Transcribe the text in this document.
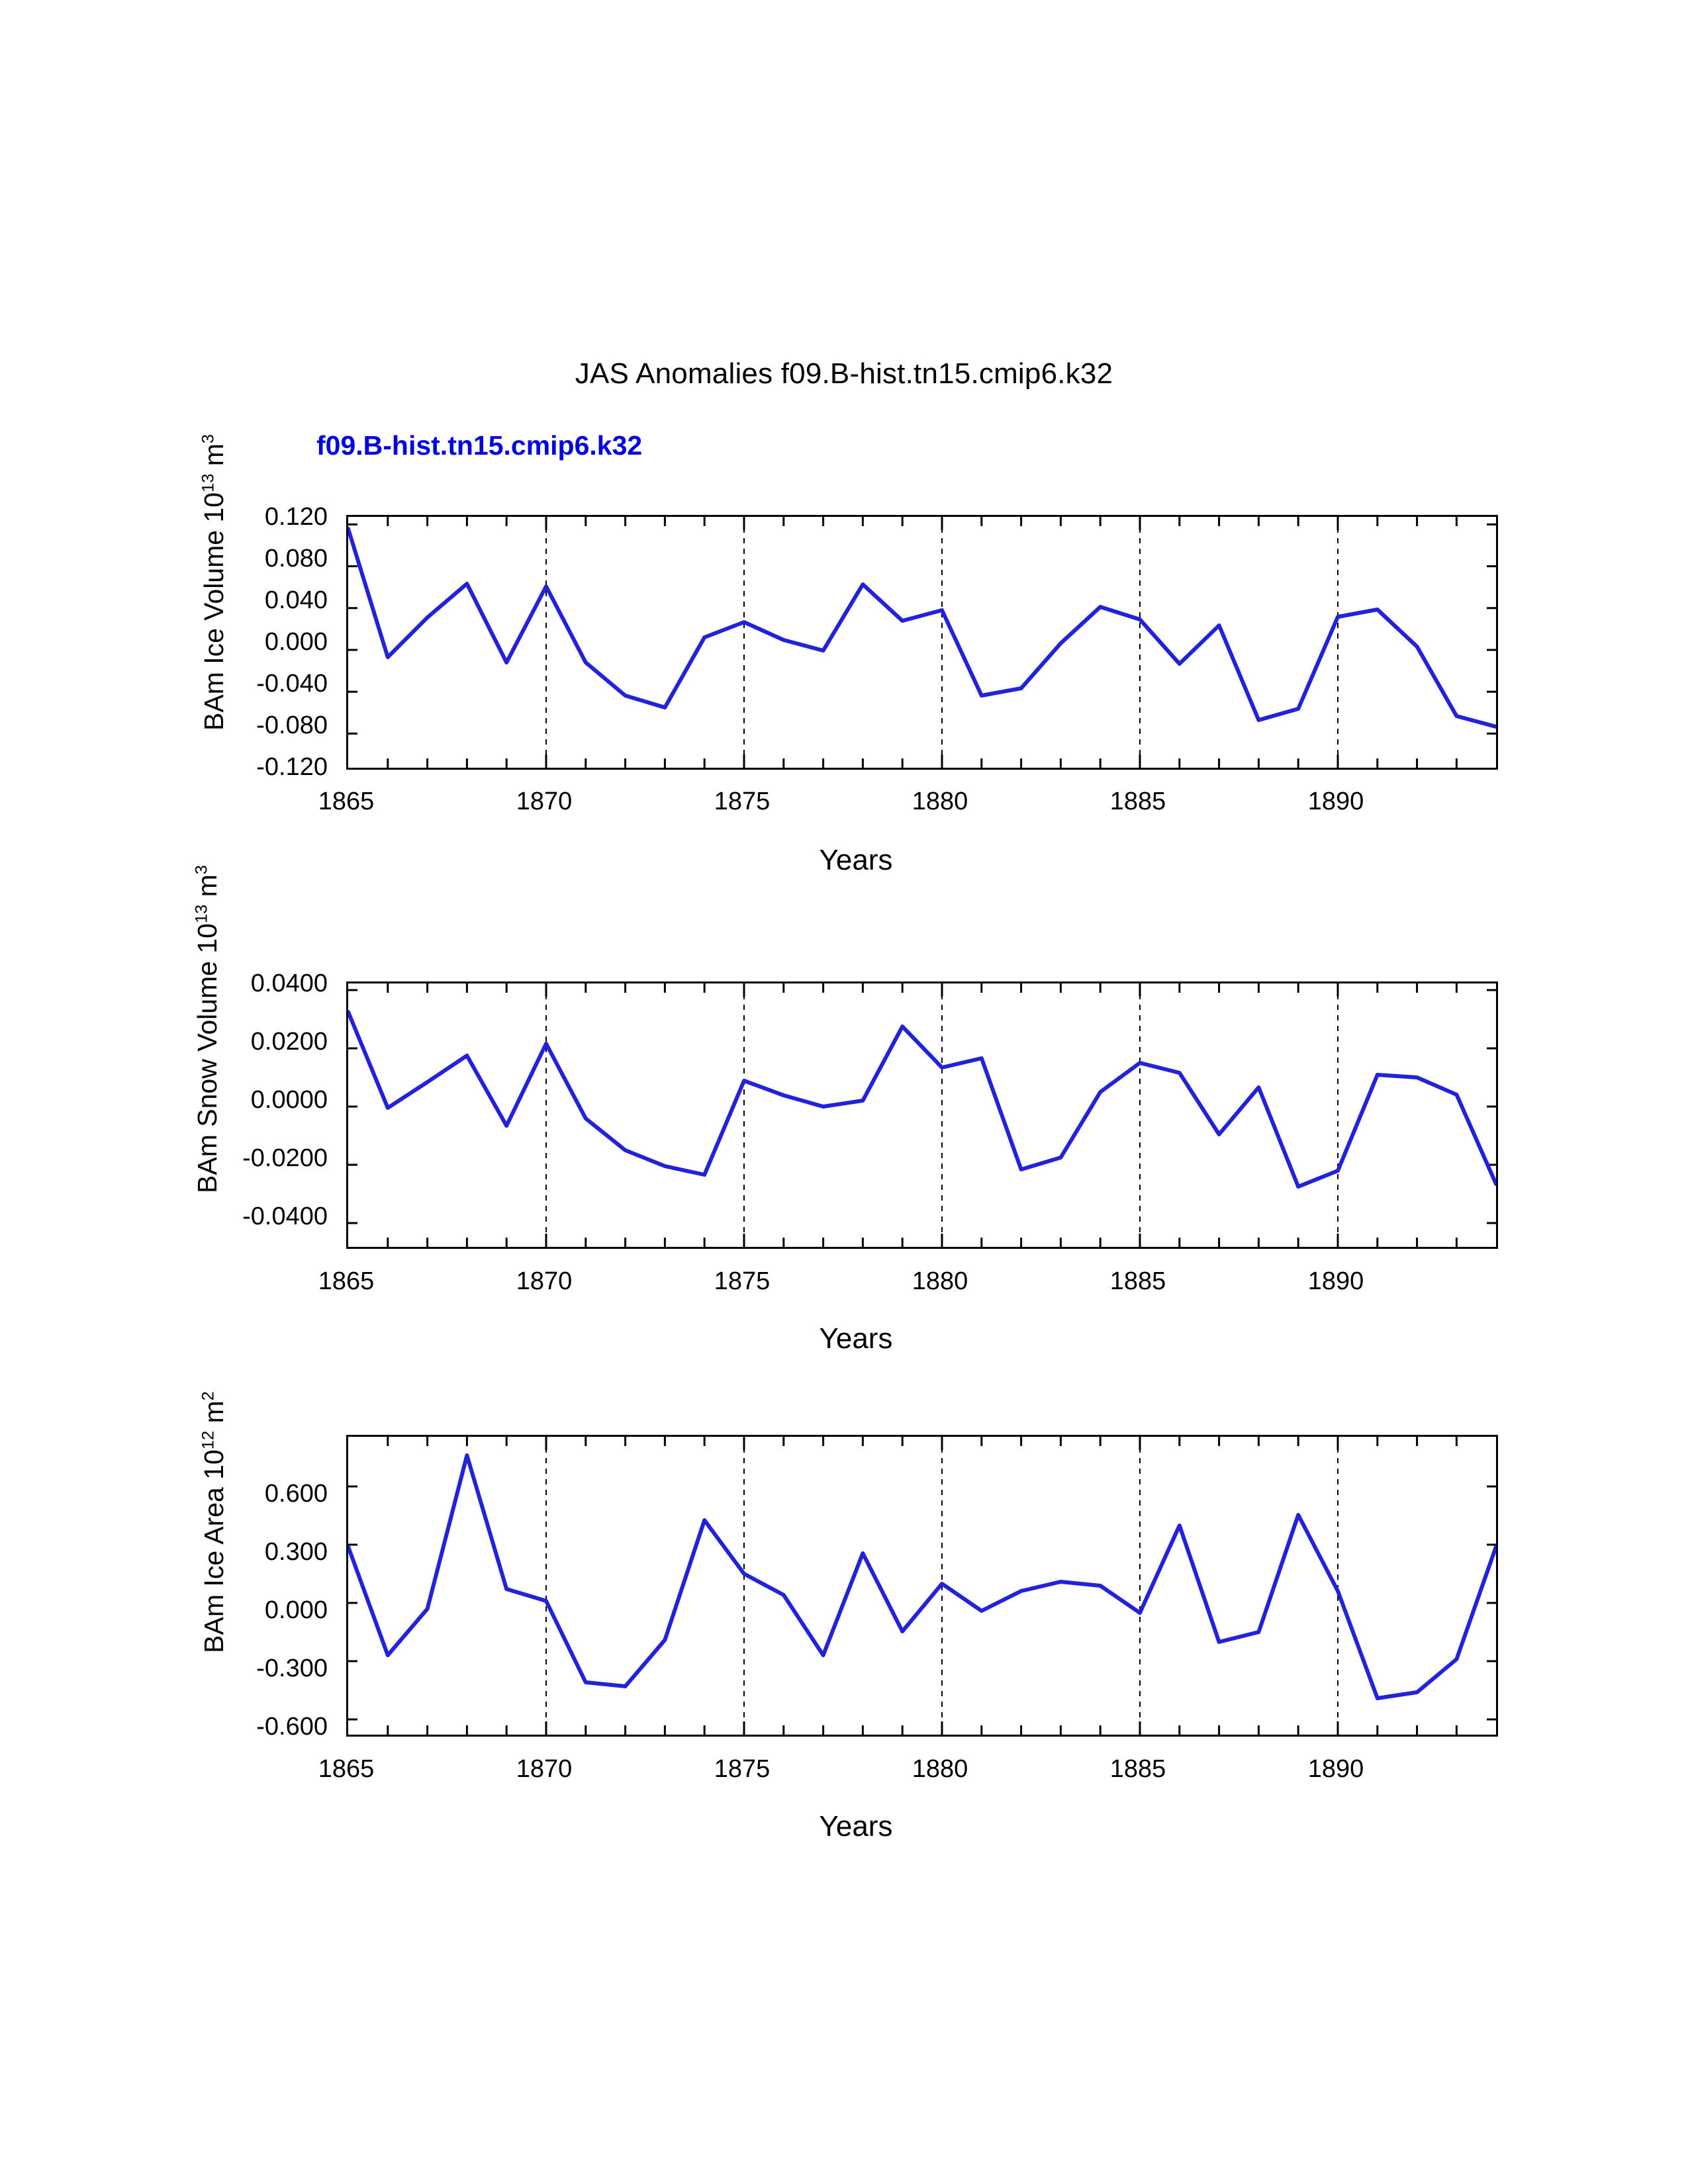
JAS Anomalies f09.B-hist.tn15.cmip6.k32
f09.B-hist.tn15.cmip6.k32
BAm Ice Volume $10^{13}$ $m^3$
0.120
0.080
0.040
0.000
-0.040
-0.080
-0.120
1865	1870	1875	1880	1885	1890
Years
BAm Snow Volume $10^{13}$ $m^3$
0.0400
0.0200
0.0000
-0.0200
-0.0400
1865	1870	1875	1880	1885	1890
Years
BAm Ice Area $10^{12}$ $m^2$
0.600
0.300
0.000
-0.300
-0.600
1865	1870	1875	1880	1885	1890
Years
